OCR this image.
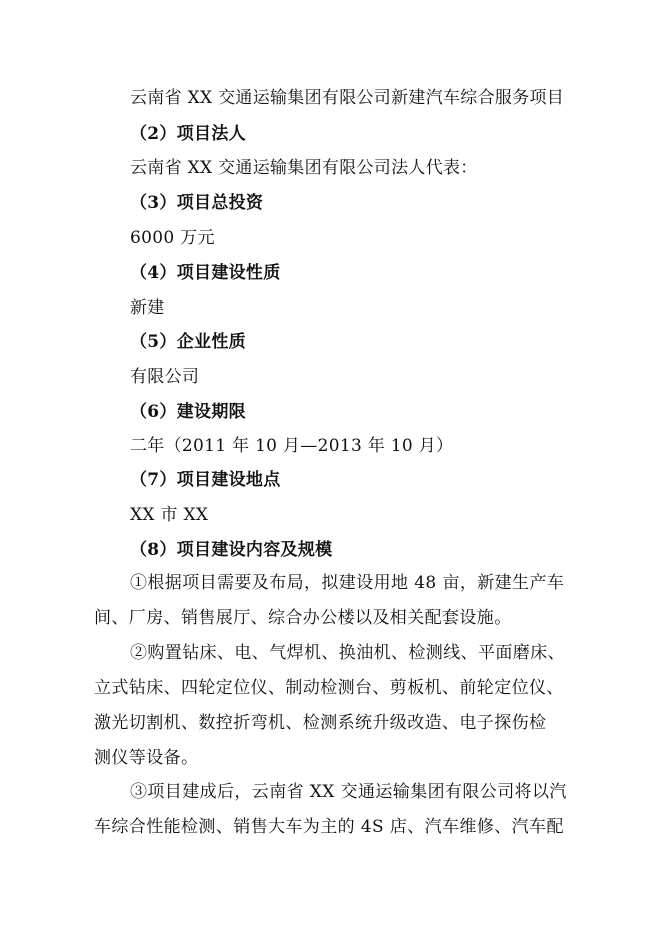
云南省 XX 交通运输集团有限公司新建汽车综合服务项目
（2）项目法人
云南省 XX 交通运输集团有限公司法人代表：
（3）项目总投资
6000 万元
（4）项目建设性质
新建
（5）企业性质
有限公司
（6）建设期限
二年（2011 年 10 月—2013 年 10 月）
（7）项目建设地点
XX 市 XX
（8）项目建设内容及规模
①根据项目需要及布局，拟建设用地 48 亩，新建生产车
间、厂房、销售展厅、综合办公楼以及相关配套设施。
②购置钻床、电、气焊机、换油机、检测线、平面磨床、
立式钻床、四轮定位仪、制动检测台、剪板机、前轮定位仪、
激光切割机、数控折弯机、检测系统升级改造、电子探伤检
测仪等设备。
③项目建成后，云南省 XX 交通运输集团有限公司将以汽
车综合性能检测、销售大车为主的 4S 店、汽车维修、汽车配
